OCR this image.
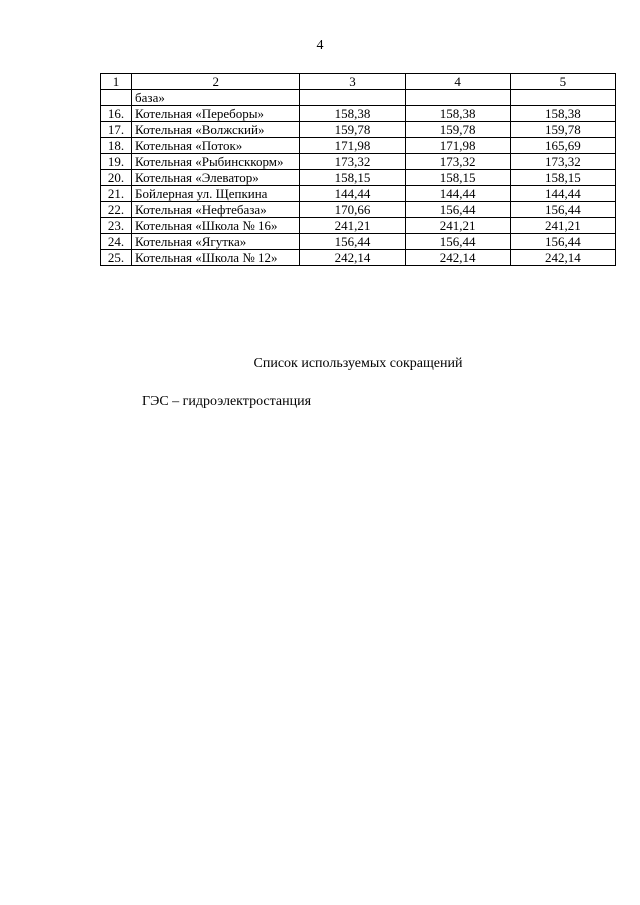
4
1	2	3	4	5
	база»			
16.	Котельная «Переборы»	158,38	158,38	158,38
17.	Котельная «Волжский»	159,78	159,78	159,78
18.	Котельная «Поток»	171,98	171,98	165,69
19.	Котельная «Рыбинсккорм»	173,32	173,32	173,32
20.	Котельная «Элеватор»	158,15	158,15	158,15
21.	Бойлерная ул. Щепкина	144,44	144,44	144,44
22.	Котельная «Нефтебаза»	170,66	156,44	156,44
23.	Котельная «Школа № 16»	241,21	241,21	241,21
24.	Котельная «Ягутка»	156,44	156,44	156,44
25.	Котельная «Школа № 12»	242,14	242,14	242,14
Список используемых сокращений
ГЭС – гидроэлектростанция
